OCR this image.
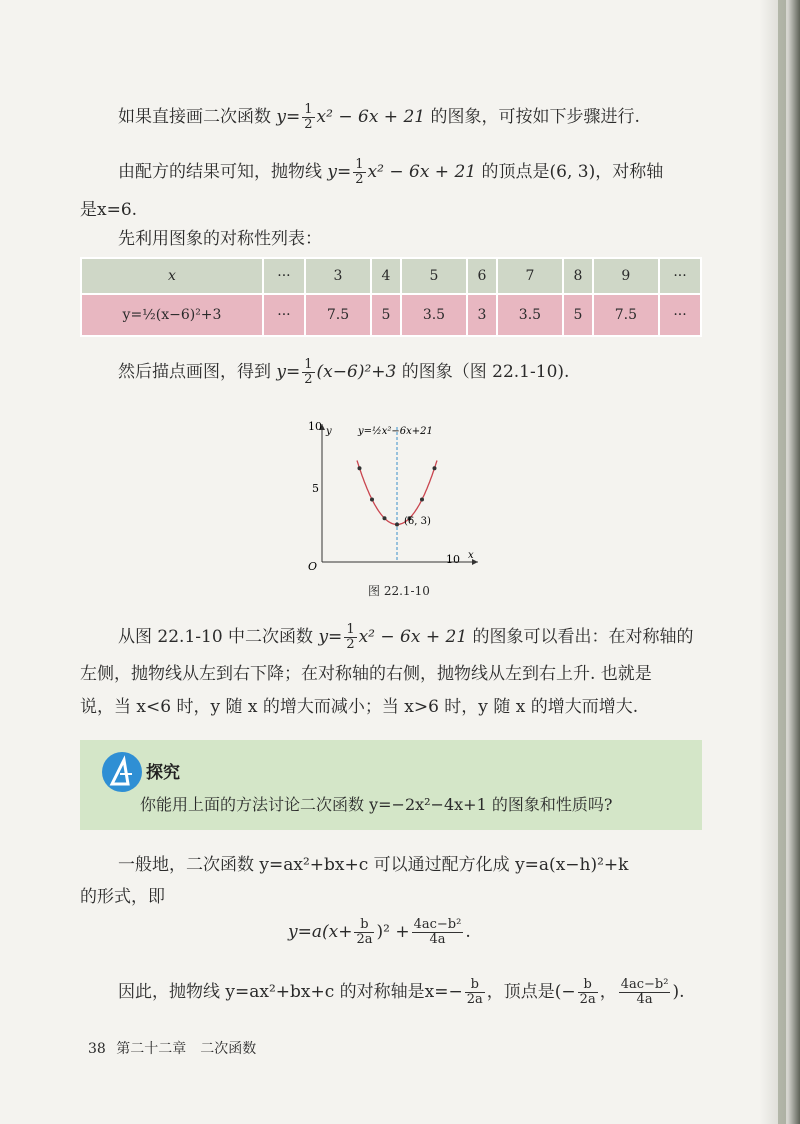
如果直接画二次函数 $y= \frac{1}{2} x^2 - 6x + 21$ 的图象，可按如下步骤进行.
由配方的结果可知，抛物线 $y= \frac{1}{2} x^2 - 6x + 21$ 的顶点是(6, 3)，对称轴
是x=6.
先利用图象的对称性列表：
x	···	3	4	5	6	7	8	9	···
y=½(x−6)²+3	···	7.5	5	3.5	3	3.5	5	7.5	···
然后描点画图，得到 $y= \frac{1}{2} (x-6)^2+3$ 的图象（图 22.1-10).
y
x
O
10
5
10
y=½x²−6x+21
(6, 3)
图 22.1-10
从图 22.1-10 中二次函数 $y= \frac{1}{2} x^2 - 6x + 21$ 的图象可以看出：在对称轴的
左侧，抛物线从左到右下降；在对称轴的右侧，抛物线从左到右上升. 也就是
说，当 x<6 时，y 随 x 的增大而减小；当 x>6 时，y 随 x 的增大而增大.
探究
你能用上面的方法讨论二次函数 y=−2x²−4x+1 的图象和性质吗?
一般地，二次函数 y=ax²+bx+c 可以通过配方化成 y=a(x−h)²+k
的形式，即
$y=a(x+ \frac{b}{2a} )^2 + \frac{\text{4ac−b²}}{4a}$ .
因此，抛物线 y=ax²+bx+c 的对称轴是$x=- \frac{b}{2a}$ ，顶点是(− $\frac{b}{2a}$ ， $\frac{\text{4ac−b²}}{4a}$ ).
38 第二十二章　二次函数
